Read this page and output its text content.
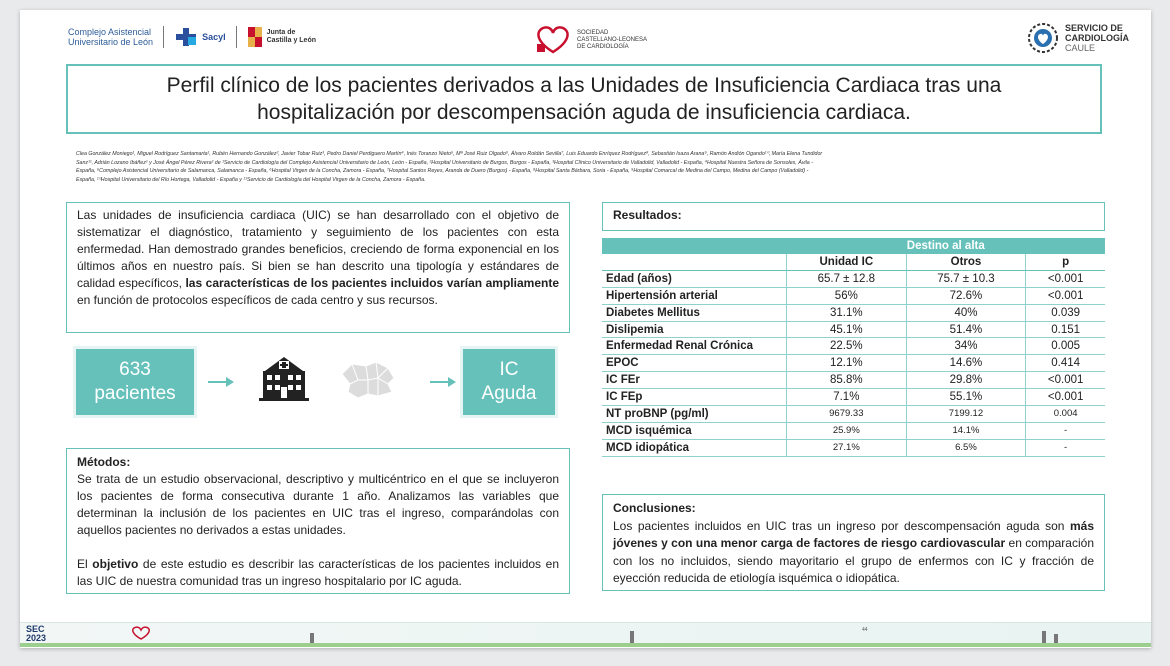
Complejo Asistencial
Universitario de León	Sacyl	Junta de
Castilla y León
SOCIEDAD
CASTELLANO-LEONESA
DE CARDIOLOGÍA
SERVICIO DE
CARDIOLOGÍA
CAULE
Perfil clínico de los pacientes derivados a las Unidades de Insuficiencia Cardiaca tras una
hospitalización por descompensación aguda de insuficiencia cardiaca.
Clea González Moniego¹, Miguel Rodríguez Santamarta¹, Rubén Hernando González², Javier Tobar Ruiz³, Pedro Daniel Perdiguero Martín⁴, Inés Toranzo Nieto⁵, Mª José Ruiz Olgado⁶, Álvaro Roldán Sevilla⁷, Luis Eduardo Enríquez Rodríguez⁸, Sebastián Isaza Arana⁹, Ramón Andión Ogando¹⁰, María Elena Tundidor
Sanz¹¹, Adrián Lozano Ibáñez¹ y José Ángel Pérez Rivera² de ¹Servicio de Cardiología del Complejo Asistencial Universitario de León, León - España, ²Hospital Universitario de Burgos, Burgos - España, ³Hospital Clínico Universitario de Valladolid, Valladolid - España, ⁴Hospital Nuestra Señora de Sonsoles, Ávila -
España, ⁵Complejo Asistencial Universitario de Salamanca, Salamanca - España, ⁶Hospital Virgen de la Concha, Zamora - España, ⁷Hospital Santos Reyes, Aranda de Duero (Burgos) - España, ⁸Hospital Santa Bárbara, Soria - España, ⁹Hospital Comarcal de Medina del Campo, Medina del Campo (Valladolid) -
España, ¹⁰Hospital Universitario del Río Hortega, Valladolid - España y ¹¹Servicio de Cardiología del Hospital Virgen de la Concha, Zamora - España.
Las unidades de insuficiencia cardiaca (UIC) se han desarrollado con el objetivo de sistematizar el diagnóstico, tratamiento y seguimiento de los pacientes con esta enfermedad. Han demostrado grandes beneficios, creciendo de forma exponencial en los últimos años en nuestro país. Si bien se han descrito una tipología y estándares de calidad específicos, las características de los pacientes incluidos varían ampliamente en función de protocolos específicos de cada centro y sus recursos.
633
pacientes
IC
Aguda

Métodos:

Se trata de un estudio observacional, descriptivo y multicéntrico en el que se incluyeron los pacientes de forma consecutiva durante 1 año. Analizamos las variables que determinan la inclusión de los pacientes en UIC tras el ingreso, comparándolas con aquellos pacientes no derivados a estas unidades.

El objetivo de este estudio es describir las características de los pacientes incluidos en las UIC de nuestra comunidad tras un ingreso hospitalario por IC aguda.

Resultados:
	Destino al alta		
	Unidad IC	Otros	p
Edad (años)	65.7 ± 12.8	75.7 ± 10.3	<0.001
Hipertensión arterial	56%	72.6%	<0.001
Diabetes Mellitus	31.1%	40%	0.039
Dislipemia	45.1%	51.4%	0.151
Enfermedad Renal Crónica	22.5%	34%	0.005
EPOC	12.1%	14.6%	0.414
IC FEr	85.8%	29.8%	<0.001
IC FEp	7.1%	55.1%	<0.001
NT proBNP (pg/ml)	9679.33	7199.12	0.004
MCD isquémica	25.9%	14.1%	-
MCD idiopática	27.1%	6.5%	-
Conclusiones:
Los pacientes incluidos en UIC tras un ingreso por descompensación aguda son más jóvenes y con una menor carga de factores de riesgo cardiovascular en comparación con los no incluidos, siendo mayoritario el grupo de enfermos con IC y fracción de eyección reducida de etiología isquémica o idiopática.
SEC
2023
44
